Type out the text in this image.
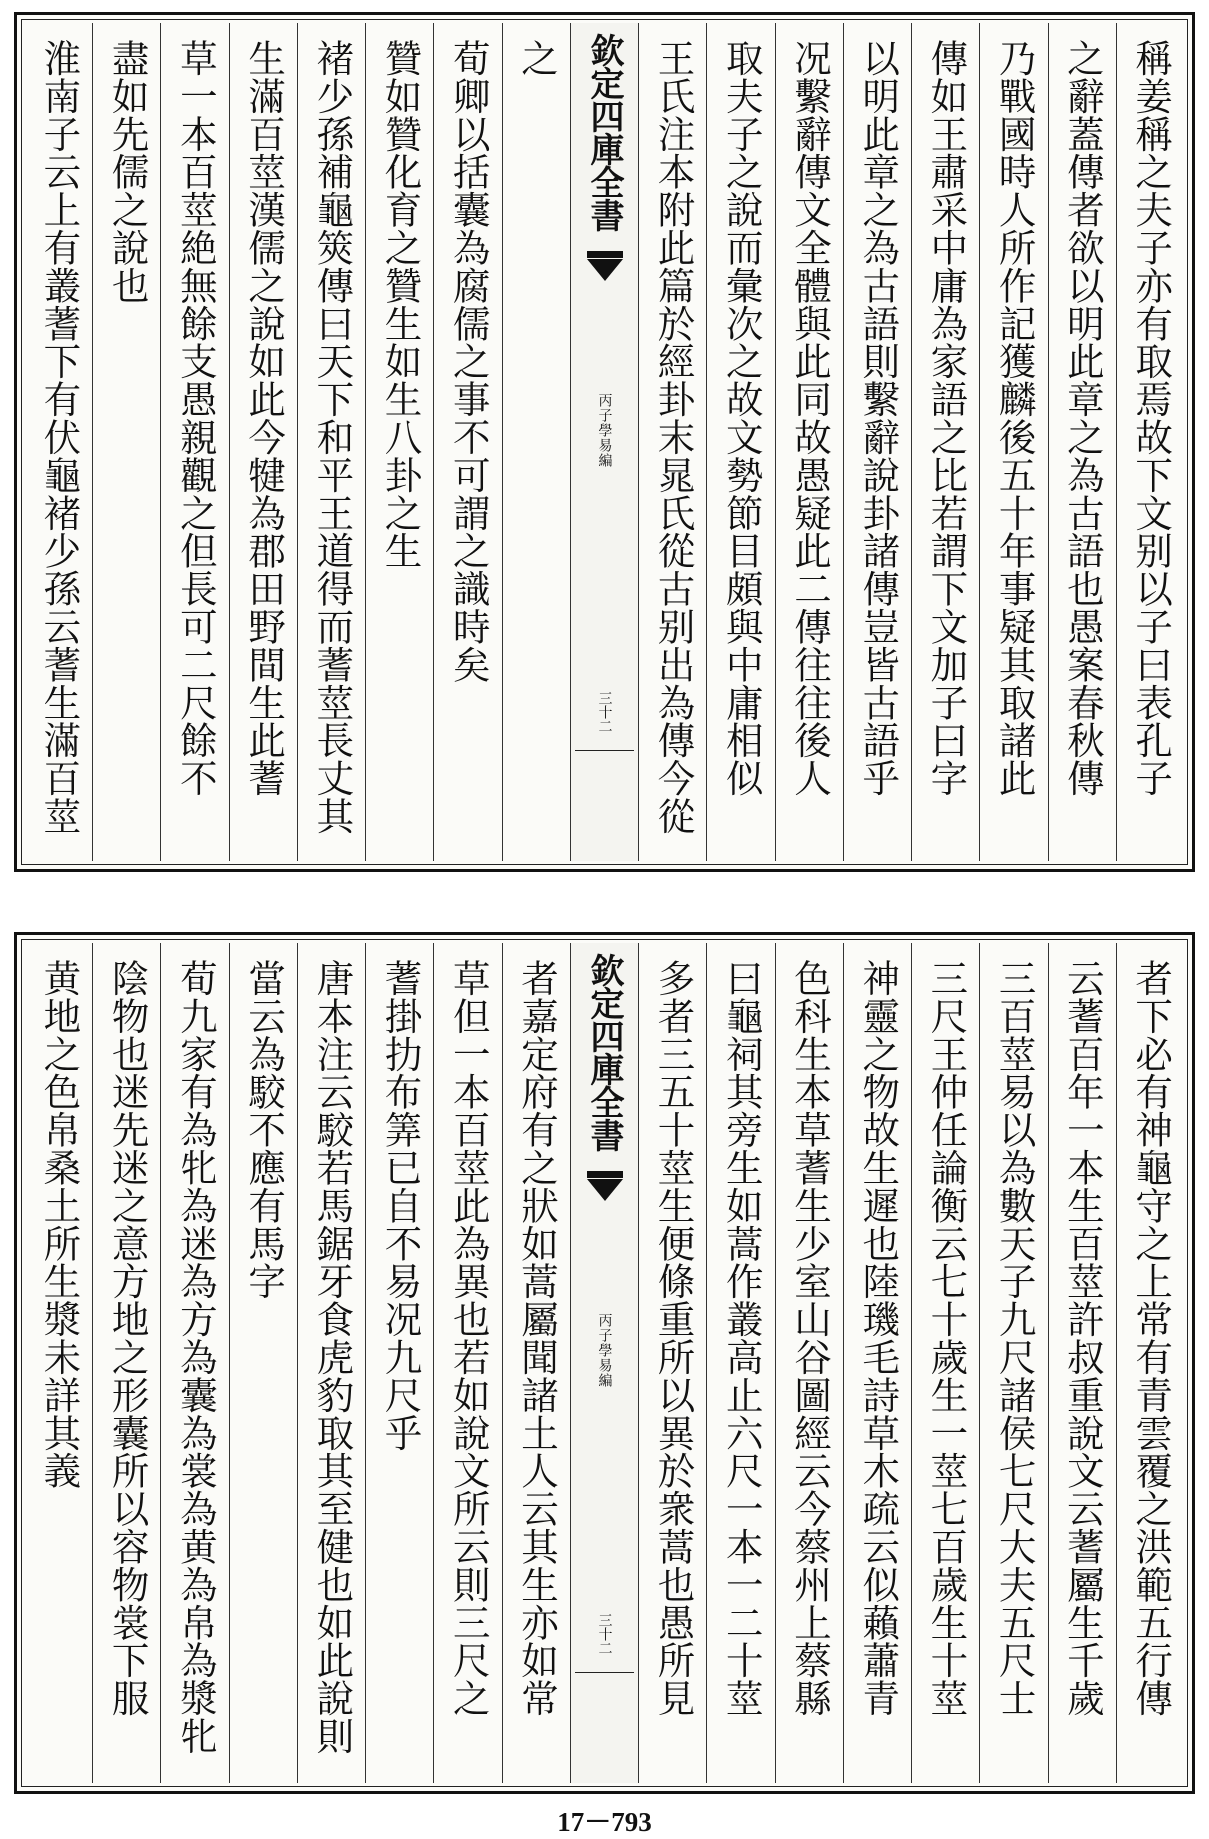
稱姜稱之夫子亦有取焉故下文别以子曰表孔子
之辭蓋傳者欲以明此章之為古語也愚案春秋傳
乃戰國時人所作記獲麟後五十年事疑其取諸此
傳如王肅采中庸為家語之比若謂下文加子曰字
以明此章之為古語則繫辭說卦諸傳豈皆古語乎
况繫辭傳文全體與此同故愚疑此二傳往往後人
取夫子之說而彙次之故文勢節目頗與中庸相似
王氏注本附此篇於經卦末晁氏從古别出為傳今從
欽定四庫全書
丙子學易編
三十二
之
荀卿以括囊為腐儒之事不可謂之識時矣
贊如贊化育之贊生如生八卦之生
褚少孫補龜筴傳曰天下和平王道得而蓍莖長丈其
生滿百莖漢儒之說如此今犍為郡田野間生此蓍
草一本百莖絶無餘支愚親觀之但長可二尺餘不
盡如先儒之說也
淮南子云上有叢蓍下有伏龜褚少孫云蓍生滿百莖
者下必有神龜守之上常有青雲覆之洪範五行傳
云蓍百年一本生百莖許叔重說文云蓍屬生千歲
三百莖易以為數天子九尺諸侯七尺大夫五尺士
三尺王仲任論衡云七十歲生一莖七百歲生十莖
神靈之物故生遲也陸璣毛詩草木疏云似藾蕭青
色科生本草蓍生少室山谷圖經云今蔡州上蔡縣
曰龜祠其旁生如蒿作叢高止六尺一本一二十莖
多者三五十莖生便條重所以異於衆蒿也愚所見
欽定四庫全書
丙子學易編
三十二
者嘉定府有之狀如蒿屬聞諸土人云其生亦如常
草但一本百莖此為異也若如說文所云則三尺之
蓍掛扐布筭已自不易况九尺乎
唐本注云駮若馬鋸牙食虎豹取其至健也如此說則
當云為駮不應有馬字
荀九家有為牝為迷為方為囊為裳為黄為帛為漿牝
陰物也迷先迷之意方地之形囊所以容物裳下服
黄地之色帛桑土所生漿未詳其義
17－793
